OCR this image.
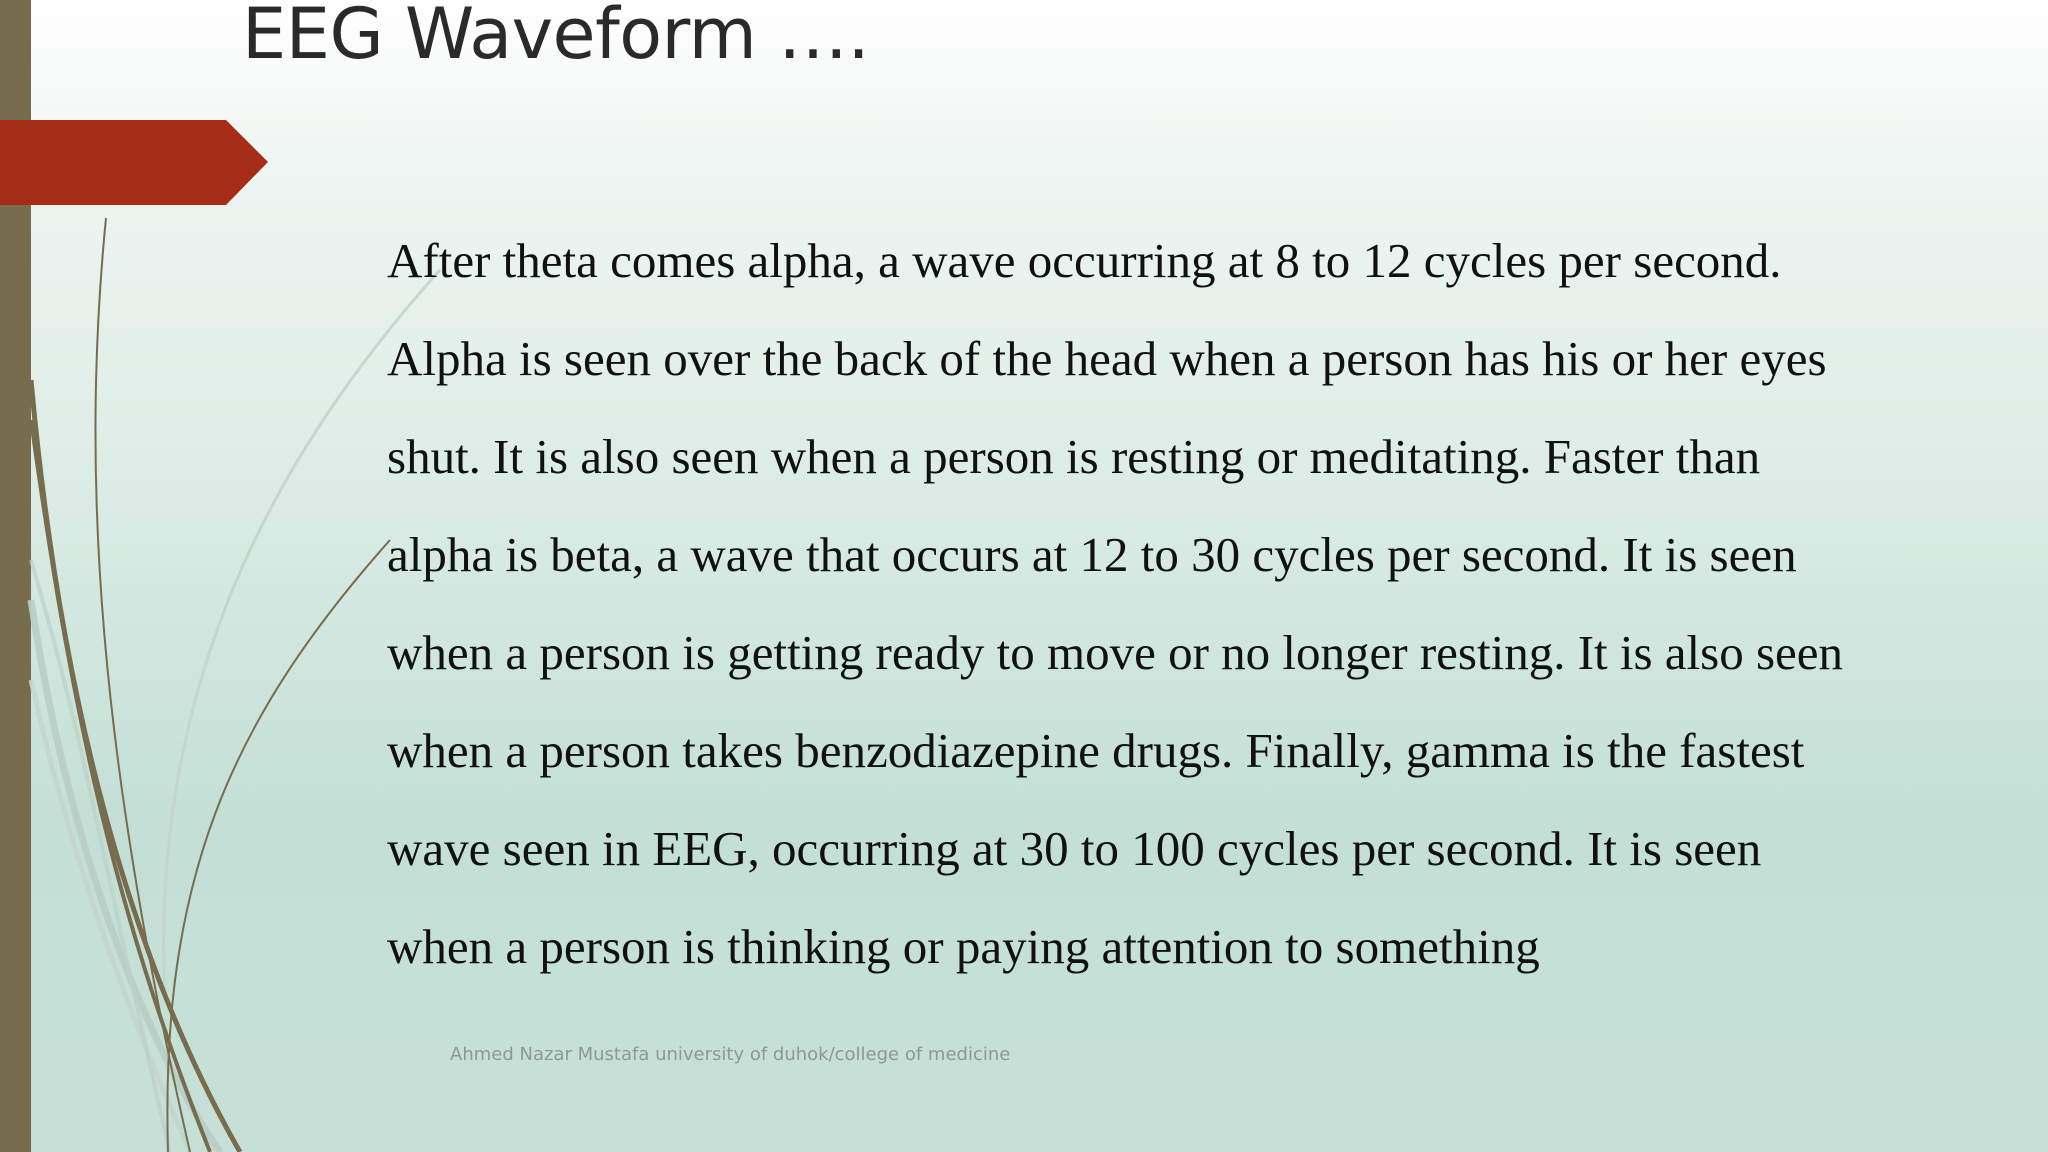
EEG Waveform ….

After theta comes alpha, a wave occurring at 8 to 12 cycles per second. Alpha is seen over the back of the head when a person has his or her eyes shut. It is also seen when a person is resting or meditating. Faster than alpha is beta, a wave that occurs at 12 to 30 cycles per second. It is seen when a person is getting ready to move or no longer resting. It is also seen when a person takes benzodiazepine drugs. Finally, gamma is the fastest wave seen in EEG, occurring at 30 to 100 cycles per second. It is seen when a person is thinking or paying attention to something

Ahmed Nazar Mustafa university of duhok/college of medicine
